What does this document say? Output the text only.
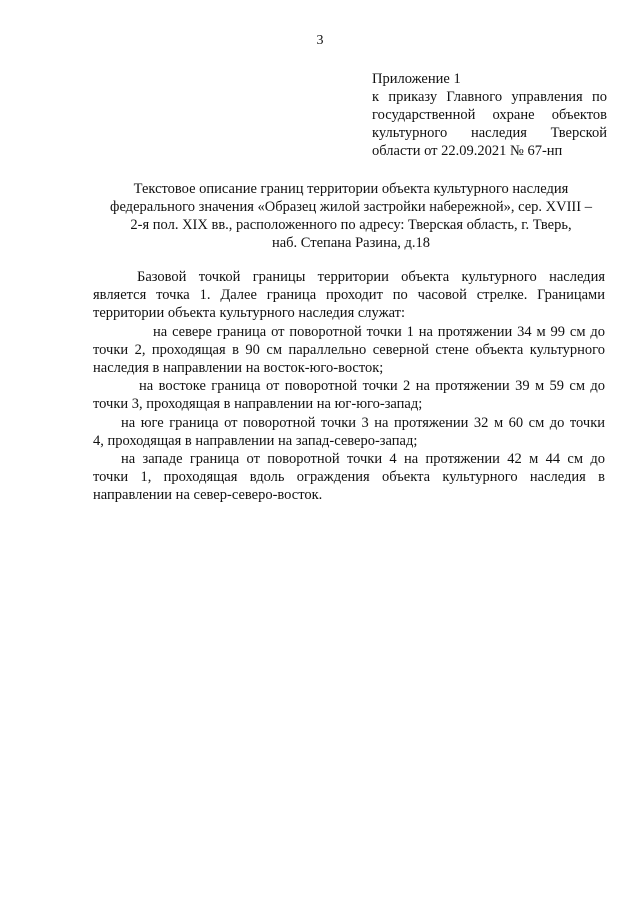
3
Приложение 1
к приказу Главного управления по
государственной охране объектов
культурного наследия Тверской
области от 22.09.2021 № 67-нп
Текстовое описание границ территории объекта культурного наследия
федерального значения «Образец жилой застройки набережной», сер. XVIII –
2-я пол. XIX вв., расположенного по адресу: Тверская область, г. Тверь,
наб. Степана Разина, д.18
Базовой точкой границы территории объекта культурного наследия
является точка 1. Далее граница проходит по часовой стрелке. Границами
территории объекта культурного наследия служат:
на севере граница от поворотной точки 1 на протяжении 34 м 99 см до
точки 2, проходящая в 90 см параллельно северной стене объекта культурного
наследия в направлении на восток-юго-восток;
на востоке граница от поворотной точки 2 на протяжении 39 м 59 см до
точки 3, проходящая в направлении на юг-юго-запад;
на юге граница от поворотной точки 3 на протяжении 32 м 60 см до точки
4, проходящая в направлении на запад-северо-запад;
на западе граница от поворотной точки 4 на протяжении 42 м 44 см до
точки 1, проходящая вдоль ограждения объекта культурного наследия в
направлении на север-северо-восток.
